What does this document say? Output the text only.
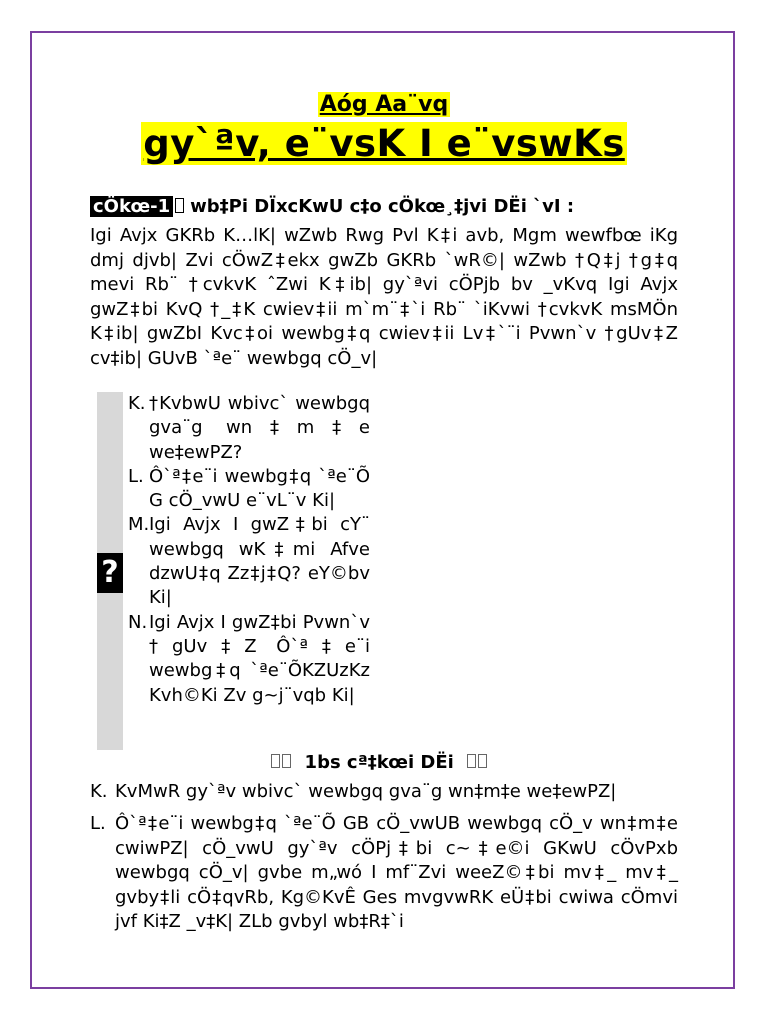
Aóg Aa¨vq
gy`ªv, e¨vsK I e¨vswKs
cÖkœ-1 wb‡Pi DÏxcKwU c‡o cÖkœ¸‡jvi DËi `vI :
Igi Avjx GKRb K…lK| wZwb Rwg Pvl K‡i avb, Mgm wewfbœ iKg dmj djvb| Zvi cÖwZ‡ekx gwZb GKRb `wR©| wZwb †Q‡j †g‡q mevi Rb¨ †cvkvK ˆZwi K‡ib| gy`ªvi cÖPjb bv _vKvq Igi Avjx gwZ‡bi KvQ †_‡K cwiev‡ii m`m¨‡`i Rb¨ `iKvwi †cvkvK msMÖn K‡ib| gwZbI Kvc‡oi wewbg‡q cwiev‡ii Lv‡`¨i Pvwn`v †gUv‡Z cv‡ib| GUvB `ªe¨ wewbgq cÖ_v|
?
K. †KvbwU wbivc` wewbgq gva¨g wn‡m‡e we‡ewPZ?
L. Ô`ª‡e¨i wewbg‡q `ªe¨Õ G cÖ_vwU e¨vL¨v Ki|
M. Igi Avjx I gwZ‡bi cY¨ wewbgq wK‡mi Afve dzwU‡q Zz‡j‡Q? eY©bv Ki|
N. Igi Avjx I gwZ‡bi Pvwn`v †gUv‡Z Ô`ª‡e¨i wewbg‡q `ªe¨ÕKZUzKz Kvh©Ki Zv g~j¨vqb Ki|
1bs cª‡kœi DËi
K. KvMwR gy`ªv wbivc` wewbgq gva¨g wn‡m‡e we‡ewPZ|
L. Ô`ª‡e¨i wewbg‡q `ªe¨Õ GB cÖ_vwUB wewbgq cÖ_v wn‡m‡e cwiwPZ| cÖ_vwU gy`ªv cÖPj‡bi c~‡e©i GKwU cÖvPxb wewbgq cÖ_v| gvbe m„wó I mf¨Zvi weeZ©‡bi mv‡_ mv‡_ gvby‡li cÖ‡qvRb, Kg©KvÊ Ges mvgvwRK eÜ‡bi cwiwa cÖmvi jvf Ki‡Z _v‡K| ZLb gvbyl wb‡R‡`i
